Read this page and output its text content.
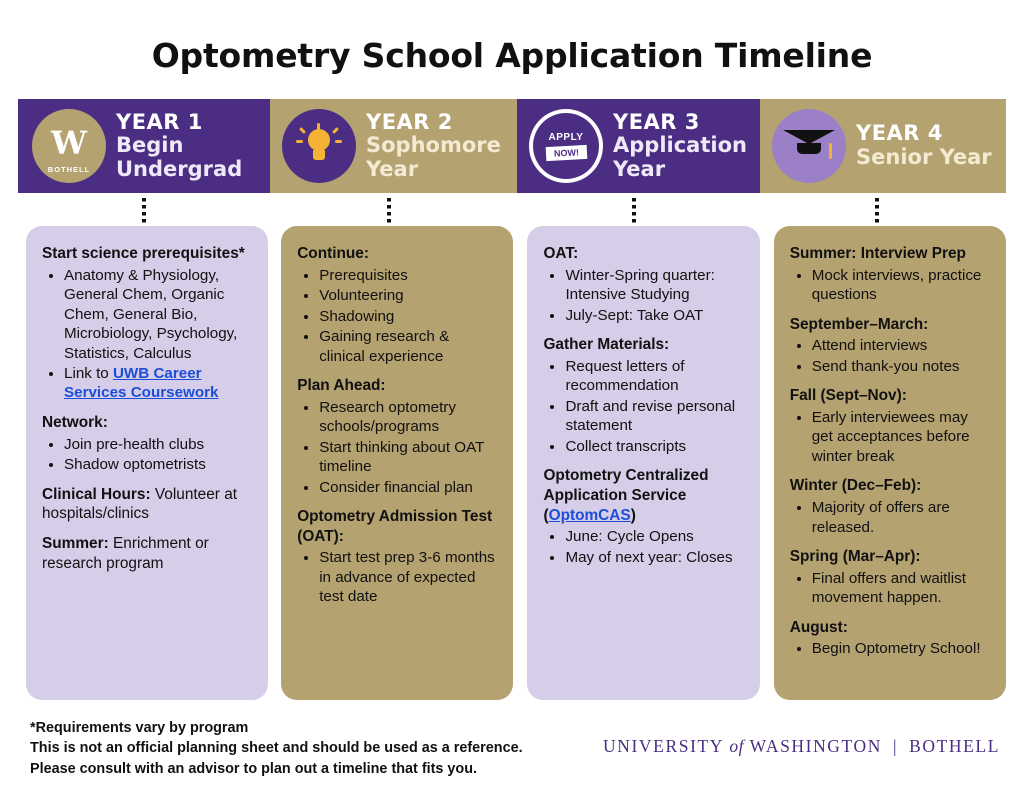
Optometry School Application Timeline
W
BOTHELL
YEAR 1
Begin Undergrad
YEAR 2
Sophomore Year
APPLY
NOW!
YEAR 3
Application Year
YEAR 4
Senior Year
Start science prerequisites*
• Anatomy & Physiology, General Chem, Organic Chem, General Bio, Microbiology, Psychology, Statistics, Calculus
• Link to UWB Career Services Coursework
Network:
• Join pre-health clubs
• Shadow optometrists

Clinical Hours: Volunteer at hospitals/clinics

Summer: Enrichment or research program

Continue:
• Prerequisites
• Volunteering
• Shadowing
• Gaining research & clinical experience
Plan Ahead:
• Research optometry schools/programs
• Start thinking about OAT timeline
• Consider financial plan
Optometry Admission Test (OAT):
• Start test prep 3-6 months in advance of expected test date
OAT:
• Winter-Spring quarter: Intensive Studying
• July-Sept: Take OAT
Gather Materials:
• Request letters of recommendation
• Draft and revise personal statement
• Collect transcripts
Optometry Centralized Application Service (OptomCAS)
• June: Cycle Opens
• May of next year: Closes
Summer: Interview Prep
• Mock interviews, practice questions
September–March:
• Attend interviews
• Send thank-you notes
Fall (Sept–Nov):
• Early interviewees may get acceptances before winter break
Winter (Dec–Feb):
• Majority of offers are released.
Spring (Mar–Apr):
• Final offers and waitlist movement happen.
August:
• Begin Optometry School!
*Requirements vary by program
This is not an official planning sheet and should be used as a reference.
Please consult with an advisor to plan out a timeline that fits you.
UNIVERSITY of WASHINGTON | BOTHELL
